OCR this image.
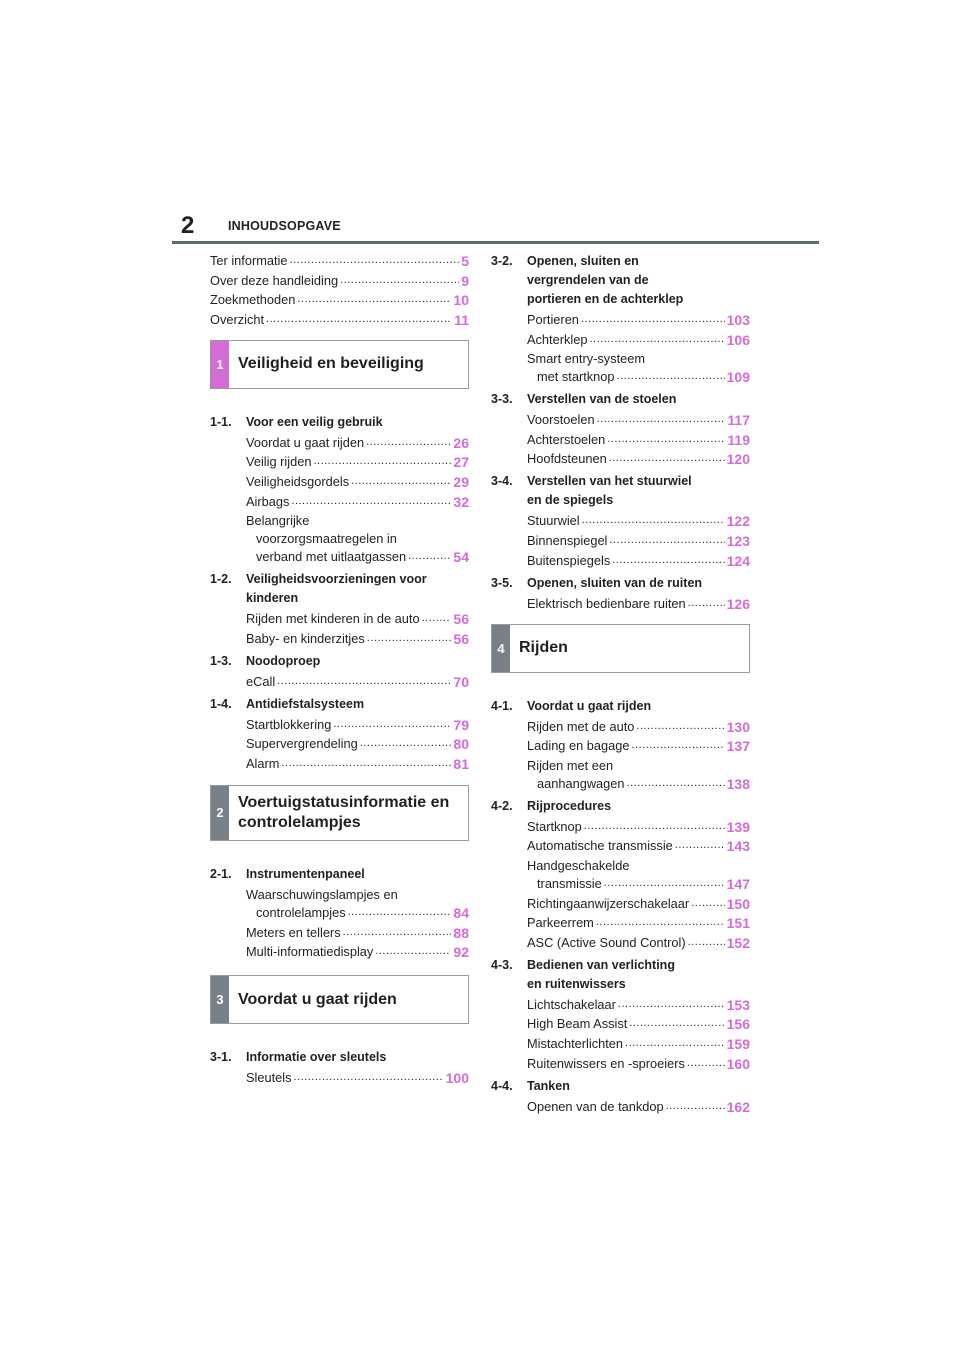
2	INHOUDSOPGAVE
Ter informatie .....	5
Over deze handleiding .....	9
Zoekmethoden .....	10
Overzicht .....	11
1 Veiligheid en beveiliging
1-1.	Voor een veilig gebruik
Voordat u gaat rijden .....	26
Veilig rijden .....	27
Veiligheidsgordels .....	29
Airbags .....	32
Belangrijke
voorzorgsmaatregelen in
verband met uitlaatgassen .....	54
1-2.	Veiligheidsvoorzieningen voor
kinderen
Rijden met kinderen in de auto ..... 56
Baby- en kinderzitjes .....	56
1-3.	Noodoproep
eCall .....	70
1-4.	Antidiefstalsysteem
Startblokkering .....	79
Supervergrendeling .....	80
Alarm .....	81
2
Voertuigstatusinformatie en controlelampjes
2-1.	Instrumentenpaneel
Waarschuwingslampjes en
controlelampjes .....	84
Meters en tellers .....	88
Multi-informatiedisplay .....	92
3 Voordat u gaat rijden
3-1.	Informatie over sleutels
Sleutels .....	100
3-2.	Openen, sluiten en
vergrendelen van de
portieren en de achterklep
Portieren .....	103
Achterklep .....	106
Smart entry-systeem
met startknop .....	109
3-3.	Verstellen van de stoelen
Voorstoelen .....	117
Achterstoelen .....	119
Hoofdsteunen .....	120
3-4.	Verstellen van het stuurwiel
en de spiegels
Stuurwiel .....	122
Binnenspiegel .....	123
Buitenspiegels .....	124
3-5.	Openen, sluiten van de ruiten
Elektrisch bedienbare ruiten .....	126
4 Rijden
4-1.	Voordat u gaat rijden
Rijden met de auto .....	130
Lading en bagage .....	137
Rijden met een
aanhangwagen .....	138
4-2.	Rijprocedures
Startknop .....	139
Automatische transmissie .....	143
Handgeschakelde
transmissie .....	147
Richtingaanwijzerschakelaar .....	150
Parkeerrem .....	151
ASC (Active Sound Control) .....	152
4-3.	Bedienen van verlichting
en ruitenwissers
Lichtschakelaar .....	153
High Beam Assist .....	156
Mistachterlichten .....	159
Ruitenwissers en -sproeiers .....	160
4-4.	Tanken
Openen van de tankdop .....	162
